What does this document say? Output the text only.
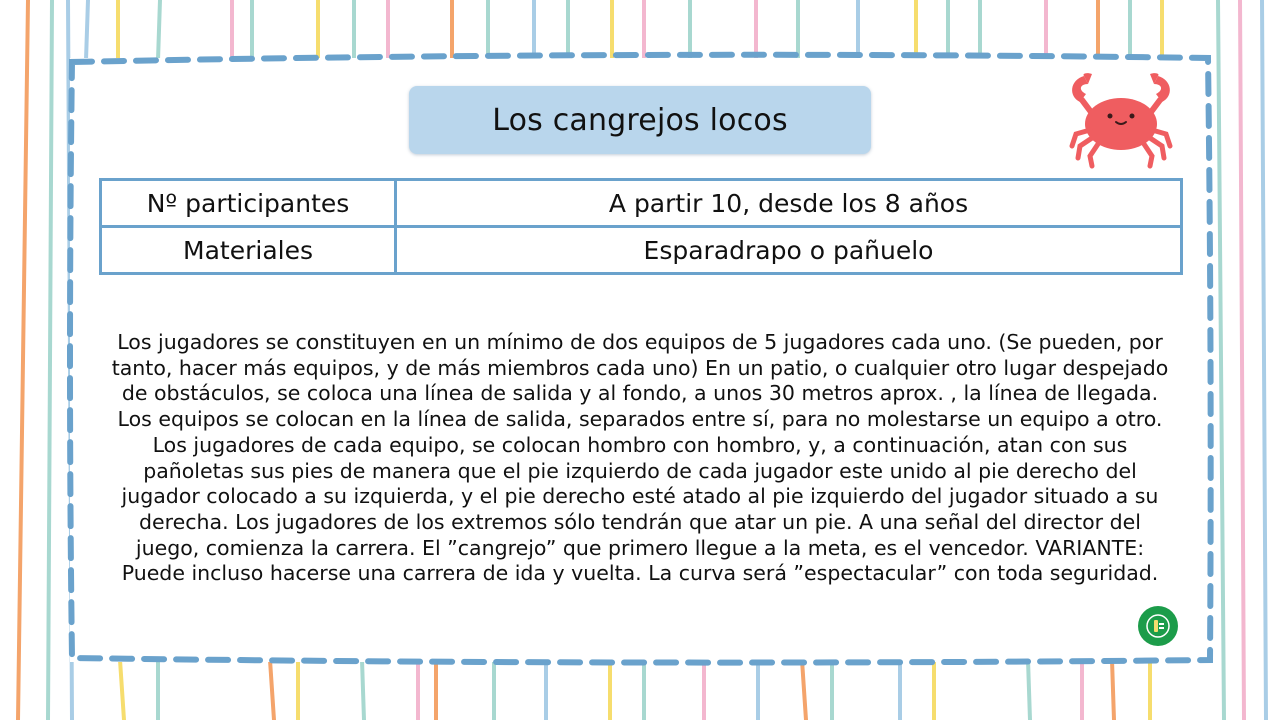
Los cangrejos locos
Nº participantes	A partir 10, desde los 8 años
Materiales	Esparadrapo o pañuelo

Los jugadores se constituyen en un mínimo de dos equipos de 5 jugadores cada uno. (Se pueden, por tanto, hacer más equipos, y de más miembros cada uno) En un patio, o cualquier otro lugar despejado de obstáculos, se coloca una línea de salida y al fondo, a unos 30 metros aprox. , la línea de llegada. Los equipos se colocan en la línea de salida, separados entre sí, para no molestarse un equipo a otro. Los jugadores de cada equipo, se colocan hombro con hombro, y, a continuación, atan con sus pañoletas sus pies de manera que el pie izquierdo de cada jugador este unido al pie derecho del jugador colocado a su izquierda, y el pie derecho esté atado al pie izquierdo del jugador situado a su derecha. Los jugadores de los extremos sólo tendrán que atar un pie. A una señal del director del juego, comienza la carrera. El ”cangrejo” que primero llegue a la meta, es el vencedor. VARIANTE: Puede incluso hacerse una carrera de ida y vuelta. La curva será ”espectacular” con toda seguridad.
